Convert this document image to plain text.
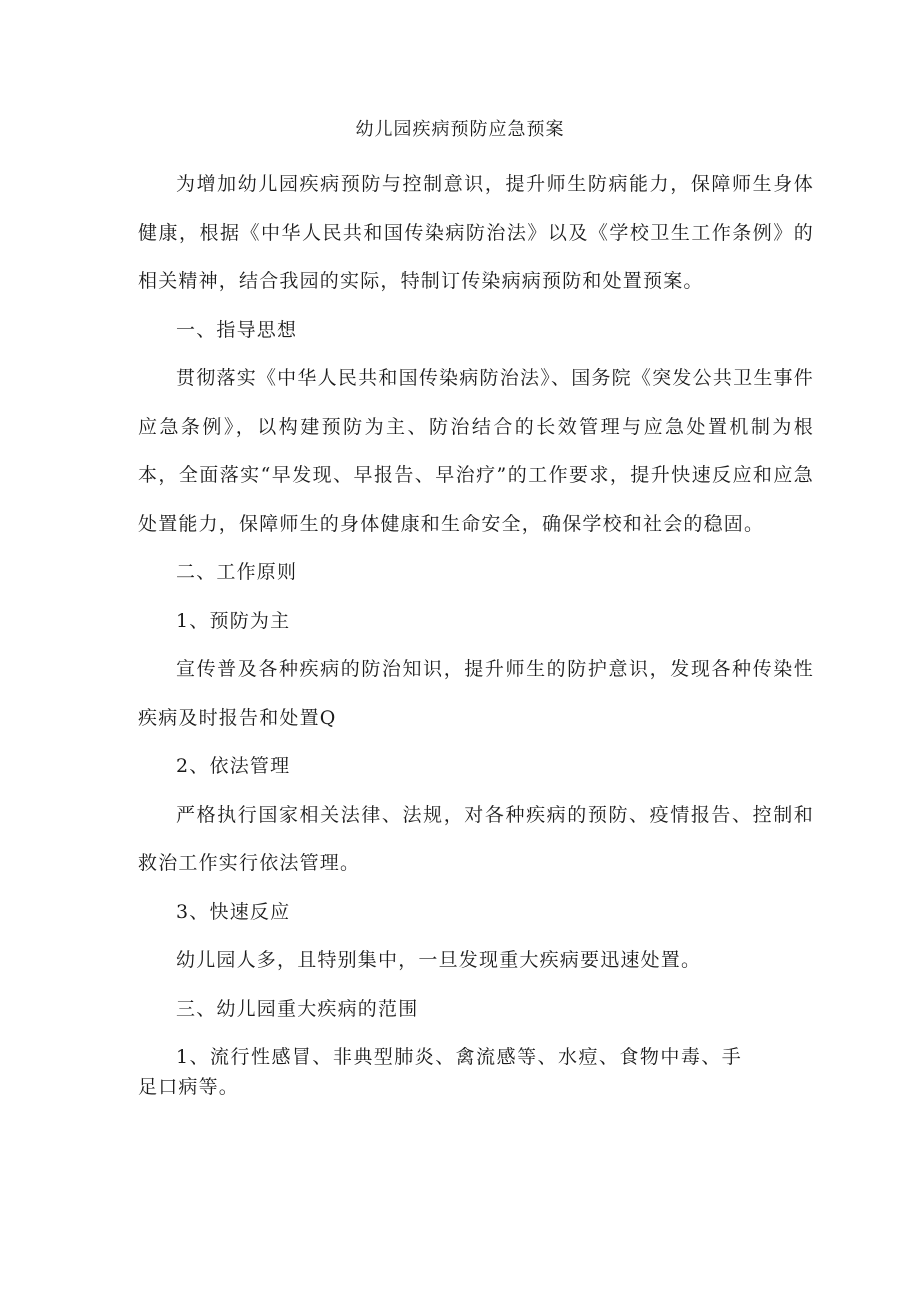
幼儿园疾病预防应急预案

为增加幼儿园疾病预防与控制意识，提升师生防病能力，保障师生身体健康，根据《中华人民共和国传染病防治法》以及《学校卫生工作条例》的相关精神，结合我园的实际，特制订传染病病预防和处置预案。

一、指导思想

贯彻落实《中华人民共和国传染病防治法》、国务院《突发公共卫生事件应急条例》，以构建预防为主、防治结合的长效管理与应急处置机制为根本，全面落实“早发现、早报告、早治疗”的工作要求，提升快速反应和应急处置能力，保障师生的身体健康和生命安全，确保学校和社会的稳固。

二、工作原则

1、预防为主

宣传普及各种疾病的防治知识，提升师生的防护意识，发现各种传染性疾病及时报告和处置Q

2、依法管理

严格执行国家相关法律、法规，对各种疾病的预防、疫情报告、控制和救治工作实行依法管理。

3、快速反应

幼儿园人多，且特别集中，一旦发现重大疾病要迅速处置。

三、幼儿园重大疾病的范围

1、流行性感冒、非典型肺炎、禽流感等、水痘、食物中毒、手足口病等。
